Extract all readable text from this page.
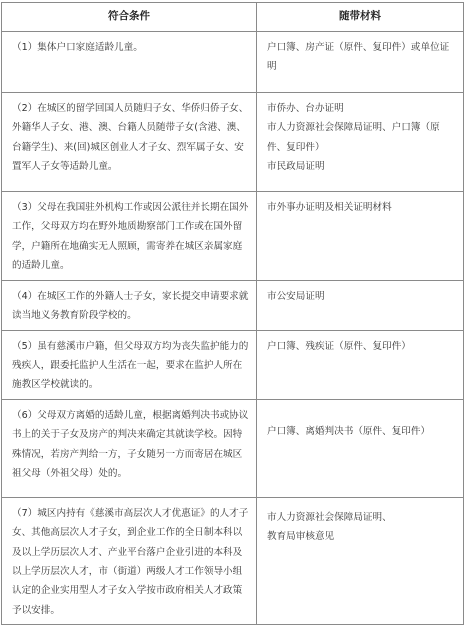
符合条件	随带材料
（1）集体户口家庭适龄儿童。	户口簿、房产证（原件、复印件）或单位证明

（2）在城区的留学回国人员随归子女、华侨归侨子女、外籍华人子女、港、澳、台籍人员随带子女(含港、澳、台籍学生)、来(回)城区创业人才子女、烈军属子女、安置军人子女等适龄儿童。	市侨办、台办证明
市人力资源社会保障局证明、户口簿（原件、复印件）
市民政局证明

（3）父母在我国驻外机构工作或因公派往并长期在国外工作，父母双方均在野外地质勘察部门工作或在国外留学，户籍所在地确实无人照顾，需寄养在城区亲属家庭的适龄儿童。	市外事办证明及相关证明材料

（4）在城区工作的外籍人士子女，家长提交申请要求就读当地义务教育阶段学校的。	市公安局证明

（5）虽有慈溪市户籍，但父母双方均为丧失监护能力的残疾人，跟委托监护人生活在一起，要求在监护人所在施教区学校就读的。	户口簿、残疾证（原件、复印件）

（6）父母双方离婚的适龄儿童，根据离婚判决书或协议书上的关于子女及房产的判决来确定其就读学校。因特殊情况，若房产判给一方，子女随另一方而寄居在城区祖父母（外祖父母）处的。	户口簿、离婚判决书（原件、复印件）

（7）城区内持有《慈溪市高层次人才优惠证》的人才子女、其他高层次人才子女，到企业工作的全日制本科以及以上学历层次人才、产业平台落户企业引进的本科及以上学历层次人才，市（街道）两级人才工作领导小组认定的企业实用型人才子女入学按市政府相关人才政策予以安排。	市人力资源社会保障局证明、
教育局审核意见
